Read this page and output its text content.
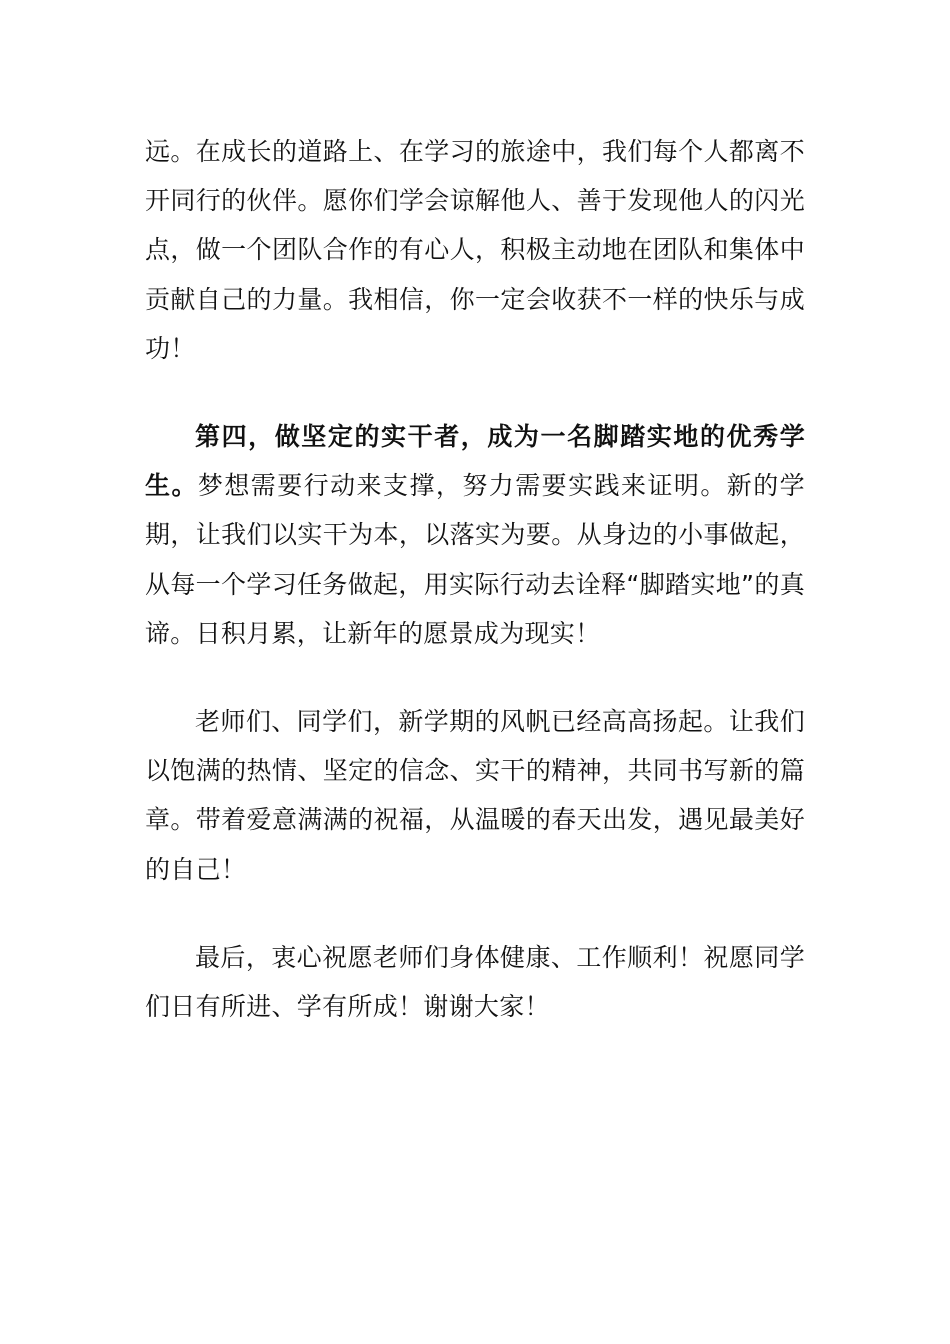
远。在成长的道路上、在学习的旅途中，我们每个人都离不开同行的伙伴。愿你们学会谅解他人、善于发现他人的闪光点，做一个团队合作的有心人，积极主动地在团队和集体中贡献自己的力量。我相信，你一定会收获不一样的快乐与成功！

第四，做坚定的实干者，成为一名脚踏实地的优秀学生。梦想需要行动来支撑，努力需要实践来证明。新的学期，让我们以实干为本，以落实为要。从身边的小事做起，从每一个学习任务做起，用实际行动去诠释“脚踏实地”的真谛。日积月累，让新年的愿景成为现实！

老师们、同学们，新学期的风帆已经高高扬起。让我们以饱满的热情、坚定的信念、实干的精神，共同书写新的篇章。带着爱意满满的祝福，从温暖的春天出发，遇见最美好的自己！

最后，衷心祝愿老师们身体健康、工作顺利！祝愿同学们日有所进、学有所成！谢谢大家！
